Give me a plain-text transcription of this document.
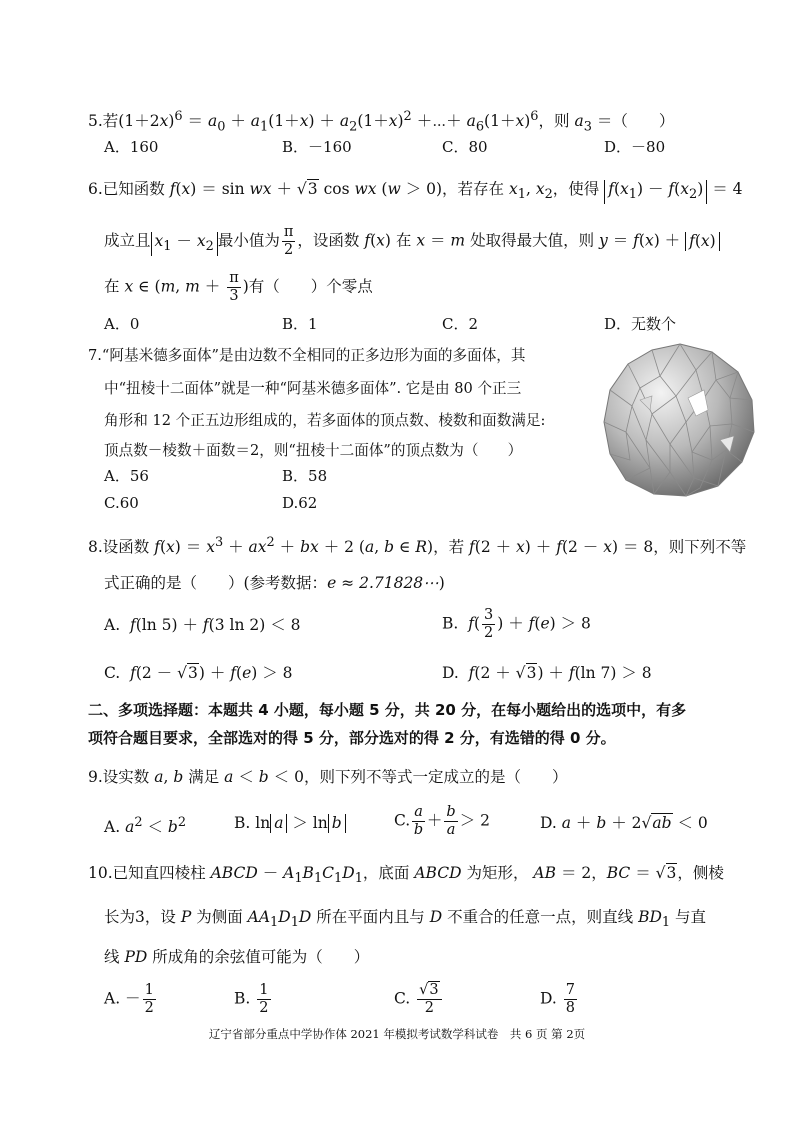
5.若$(1+2x)^6 = a_0 + a_1(1+x) + a_2(1+x)^2$ ＋⋯＋ $a_6(1+x)^6$，则 $a_3$ ＝（　　）
A．160	B．－160	C．80	D．－80
6.已知函数 f(x) ＝ sin wx ＋ √3 cos wx (w ＞ 0)，若存在 $x_1$, $x_2$，使得 $f(x_1) - f(x_2) = 4$
成立且 $x_1 - x_2$ 最小值为 $\frac{\pi}{2}$ ，设函数 f(x) 在 x ＝ m 处取得最大值，则 y ＝ f(x) ＋ f(x)
在 x ∈ (m, $m + \frac{\pi}{3}$ )有（　　）个零点
A．0	B．1	C．2	D．无数个
7.“阿基米德多面体”是由边数不全相同的正多边形为面的多面体，其
中“扭棱十二面体”就是一种“阿基米德多面体”. 它是由 80 个正三
角形和 12 个正五边形组成的，若多面体的顶点数、棱数和面数满足:
顶点数－棱数＋面数＝2，则“扭棱十二面体”的顶点数为（　　）
A．56	B．58
C.60	D.62
8.设函数 $f(x) = x^3 + ax^2$ ＋ bx ＋ 2 (a, b ∈ R)，若 f(2 ＋ x) ＋ f(2 － x) ＝ 8，则下列不等
式正确的是（　　）(参考数据：e ≈ 2.71828⋯)
A. f(ln 5) ＋ f(3 ln 2) ＜ 8	B. $f( \frac{3}{2}$ ) ＋ f(e) ＞ 8
C. f(2 － √3) ＋ f(e) ＞ 8	D. f(2 ＋ √3) ＋ f(ln 7) ＞ 8
二、多项选择题：本题共 4 小题，每小题 5 分，共 20 分，在每小题给出的选项中，有多
项符合题目要求，全部选对的得 5 分，部分选对的得 2 分，有选错的得 0 分。
9.设实数 a, b 满足 a ＜ b ＜ 0，则下列不等式一定成立的是（　　）
A. $a^2 < b^2$	B. ln a ＞ ln b	C. $\frac{a}{b} + \frac{b}{a} > 2$	D. a ＋ b ＋ 2√ab ＜ 0
10.已知直四棱柱 ABCD － $A_1B_1C_1D_1$，底面 ABCD 为矩形， AB ＝ 2，BC ＝ √3，侧棱
长为3，设 P 为侧面 $AA_1D_1D$ 所在平面内且与 D 不重合的任意一点，则直线 $BD_1$ 与直
线 PD 所成角的余弦值可能为（　　）
A. － $\frac{1}{2}$	B. $\frac{1}{2}$	C. $\frac{√3}{2}$	D. $\frac{7}{8}$
辽宁省部分重点中学协作体 2021 年模拟考试数学科试卷　共 6 页 第 2页
